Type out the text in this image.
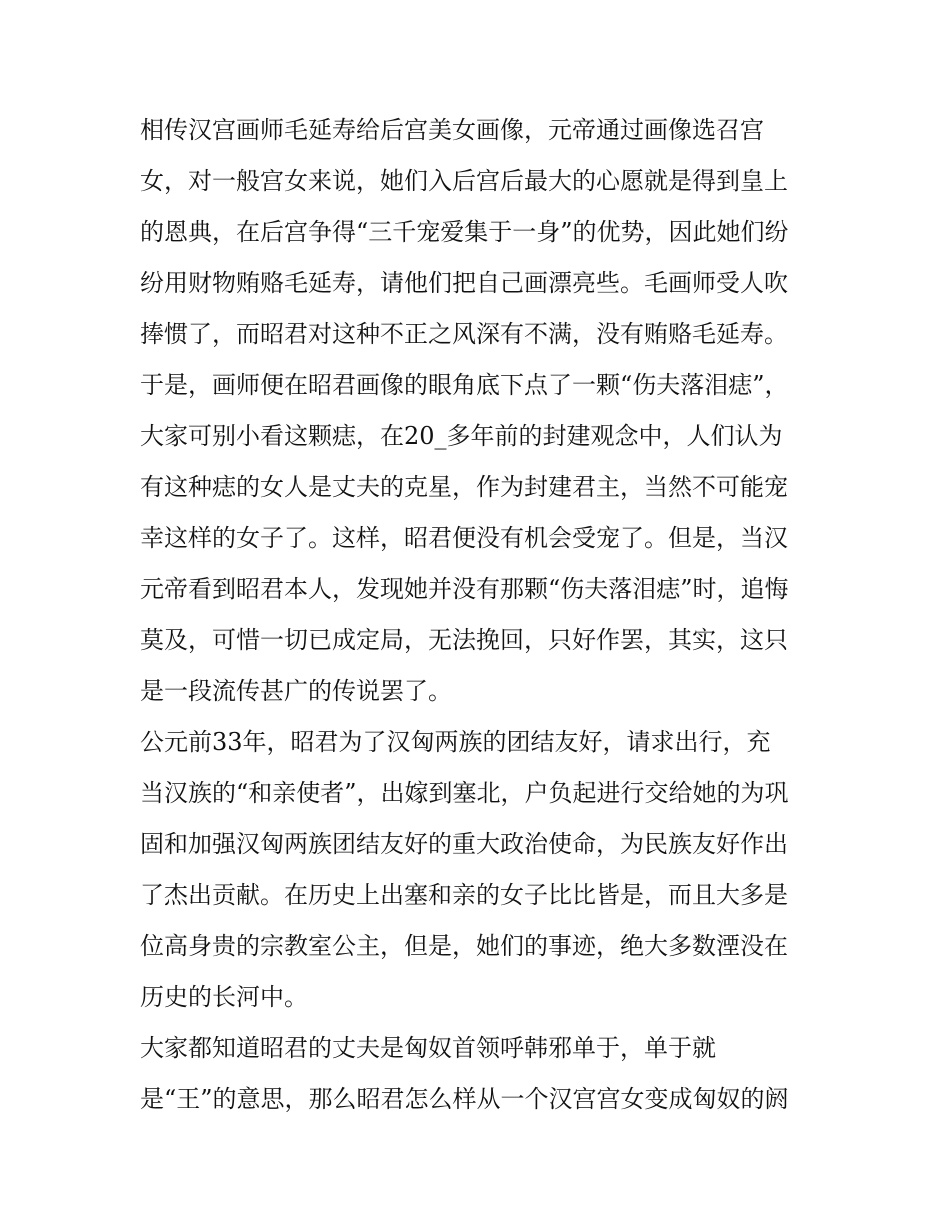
相传汉宫画师毛延寿给后宫美女画像，元帝通过画像选召宫
女，对一般宫女来说，她们入后宫后最大的心愿就是得到皇上
的恩典，在后宫争得“三千宠爱集于一身”的优势，因此她们纷
纷用财物贿赂毛延寿，请他们把自己画漂亮些。毛画师受人吹
捧惯了，而昭君对这种不正之风深有不满，没有贿赂毛延寿。
于是，画师便在昭君画像的眼角底下点了一颗“伤夫落泪痣”，
大家可别小看这颗痣，在20_多年前的封建观念中，人们认为
有这种痣的女人是丈夫的克星，作为封建君主，当然不可能宠
幸这样的女子了。这样，昭君便没有机会受宠了。但是，当汉
元帝看到昭君本人，发现她并没有那颗“伤夫落泪痣”时，追悔
莫及，可惜一切已成定局，无法挽回，只好作罢，其实，这只
是一段流传甚广的传说罢了。
公元前33年，昭君为了汉匈两族的团结友好，请求出行，充
当汉族的“和亲使者”，出嫁到塞北，户负起进行交给她的为巩
固和加强汉匈两族团结友好的重大政治使命，为民族友好作出
了杰出贡献。在历史上出塞和亲的女子比比皆是，而且大多是
位高身贵的宗教室公主，但是，她们的事迹，绝大多数湮没在
历史的长河中。
大家都知道昭君的丈夫是匈奴首领呼韩邪单于，单于就
是“王”的意思，那么昭君怎么样从一个汉宫宫女变成匈奴的阏
